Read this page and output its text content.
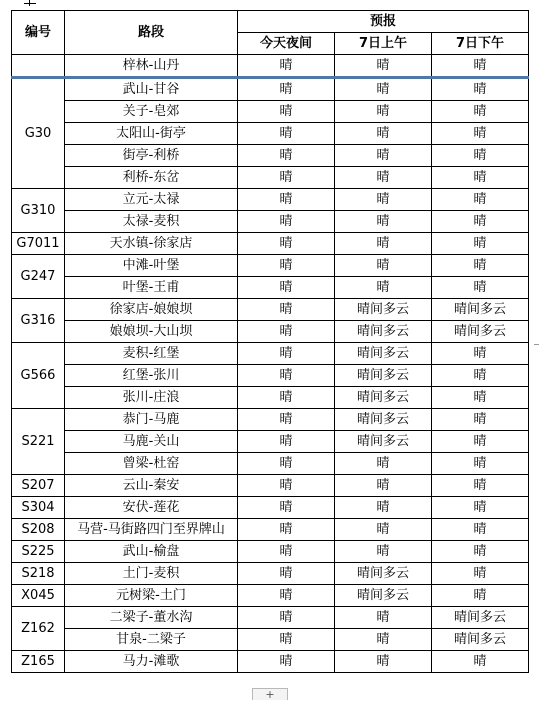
编号	路段	预报		
		今天夜间	7日上午	7日下午
	梓林-山丹	晴	晴	晴
G30	武山-甘谷	晴	晴	晴
	关子-皂郊	晴	晴	晴
	太阳山-街亭	晴	晴	晴
	街亭-利桥	晴	晴	晴
	利桥-东岔	晴	晴	晴
G310	立元-太禄	晴	晴	晴
	太禄-麦积	晴	晴	晴
G7011	天水镇-徐家店	晴	晴	晴
G247	中滩-叶堡	晴	晴	晴
	叶堡-王甫	晴	晴	晴
G316	徐家店-娘娘坝	晴	晴间多云	晴间多云
	娘娘坝-大山坝	晴	晴间多云	晴间多云
G566	麦积-红堡	晴	晴间多云	晴
	红堡-张川	晴	晴间多云	晴
	张川-庄浪	晴	晴间多云	晴
S221	恭门-马鹿	晴	晴间多云	晴
	马鹿-关山	晴	晴间多云	晴
	曾梁-杜窑	晴	晴	晴
S207	云山-秦安	晴	晴	晴
S304	安伏-莲花	晴	晴	晴
S208	马营-马街路四门至界牌山	晴	晴	晴
S225	武山-榆盘	晴	晴	晴
S218	土门-麦积	晴	晴间多云	晴
X045	元树梁-土门	晴	晴间多云	晴
Z162	二梁子-董水沟	晴	晴	晴间多云
	甘泉-二梁子	晴	晴	晴间多云
Z165	马力-滩歌	晴	晴	晴
+
